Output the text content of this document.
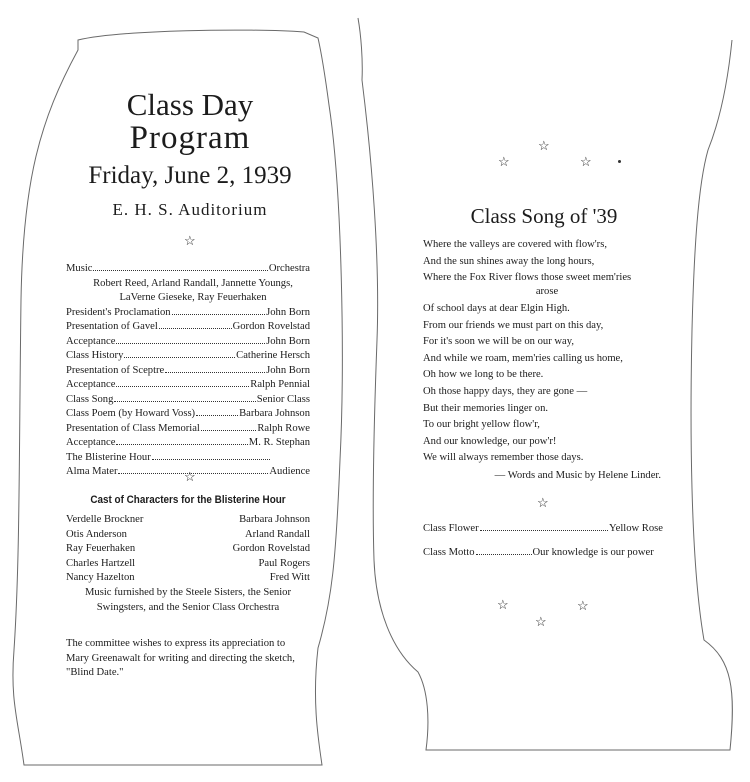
Class Day
Program
Friday, June 2, 1939
E. H. S. Auditorium
☆
Music	Orchestra
Robert Reed, Arland Randall, Jannette Youngs,
LaVerne Gieseke, Ray Feuerhaken
President's Proclamation	John Born
Presentation of Gavel	Gordon Rovelstad
Acceptance	John Born
Class History	Catherine Hersch
Presentation of Sceptre	John Born
Acceptance	Ralph Pennial
Class Song	Senior Class
Class Poem (by Howard Voss)	Barbara Johnson
Presentation of Class Memorial	Ralph Rowe
Acceptance	M. R. Stephan
The Blisterine Hour
Alma Mater	Audience
☆
Cast of Characters for the Blisterine Hour
Verdelle Brockner	Barbara Johnson
Otis Anderson	Arland Randall
Ray Feuerhaken	Gordon Rovelstad
Charles Hartzell	Paul Rogers
Nancy Hazelton	Fred Witt
Music furnished by the Steele Sisters, the Senior Swingsters, and the Senior Class Orchestra
The committee wishes to express its appreciation to Mary Greenawalt for writing and directing the sketch, "Blind Date."
☆
☆	☆
Class Song of '39
Where the valleys are covered with flow'rs,
And the sun shines away the long hours,
Where the Fox River flows those sweet mem'ries
arose
Of school days at dear Elgin High.
From our friends we must part on this day,
For it's soon we will be on our way,
And while we roam, mem'ries calling us home,
Oh how we long to be there.
Oh those happy days, they are gone —
But their memories linger on.
To our bright yellow flow'r,
And our knowledge, our pow'r!
We will always remember those days.
— Words and Music by Helene Linder.
☆
Class Flower	Yellow Rose
Class Motto	Our knowledge is our power
☆	☆
☆
